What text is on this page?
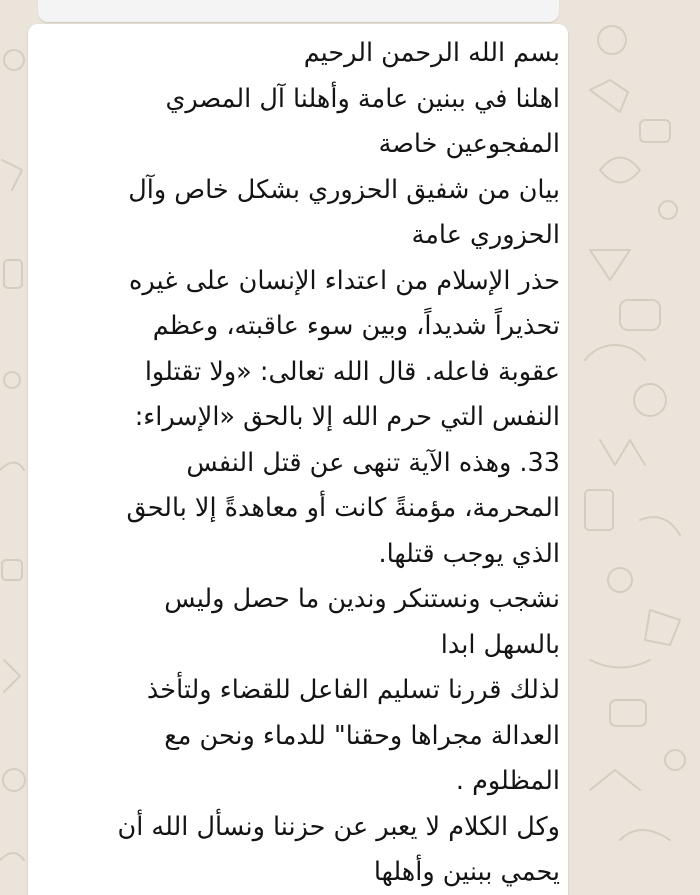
بسم الله الرحمن الرحيم
اهلنا في ببنين عامة وأهلنا آل المصري
المفجوعين خاصة
بيان من شفيق الحزوري بشكل خاص وآل
الحزوري عامة
حذر الإسلام من اعتداء الإنسان على غيره
تحذيراً شديداً، وبين سوء عاقبته، وعظم
عقوبة فاعله. قال الله تعالى: «ولا تقتلوا
النفس التي حرم الله إلا بالحق «الإسراء:
33. وهذه الآية تنهى عن قتل النفس
المحرمة، مؤمنةً كانت أو معاهدةً إلا بالحق
الذي يوجب قتلها.
نشجب ونستنكر وندين ما حصل وليس
بالسهل ابدا
لذلك قررنا تسليم الفاعل للقضاء ولتأخذ
العدالة مجراها وحقنا" للدماء ونحن مع
المظلوم .
وكل الكلام لا يعبر عن حزننا ونسأل الله أن
يحمي ببنين وأهلها
